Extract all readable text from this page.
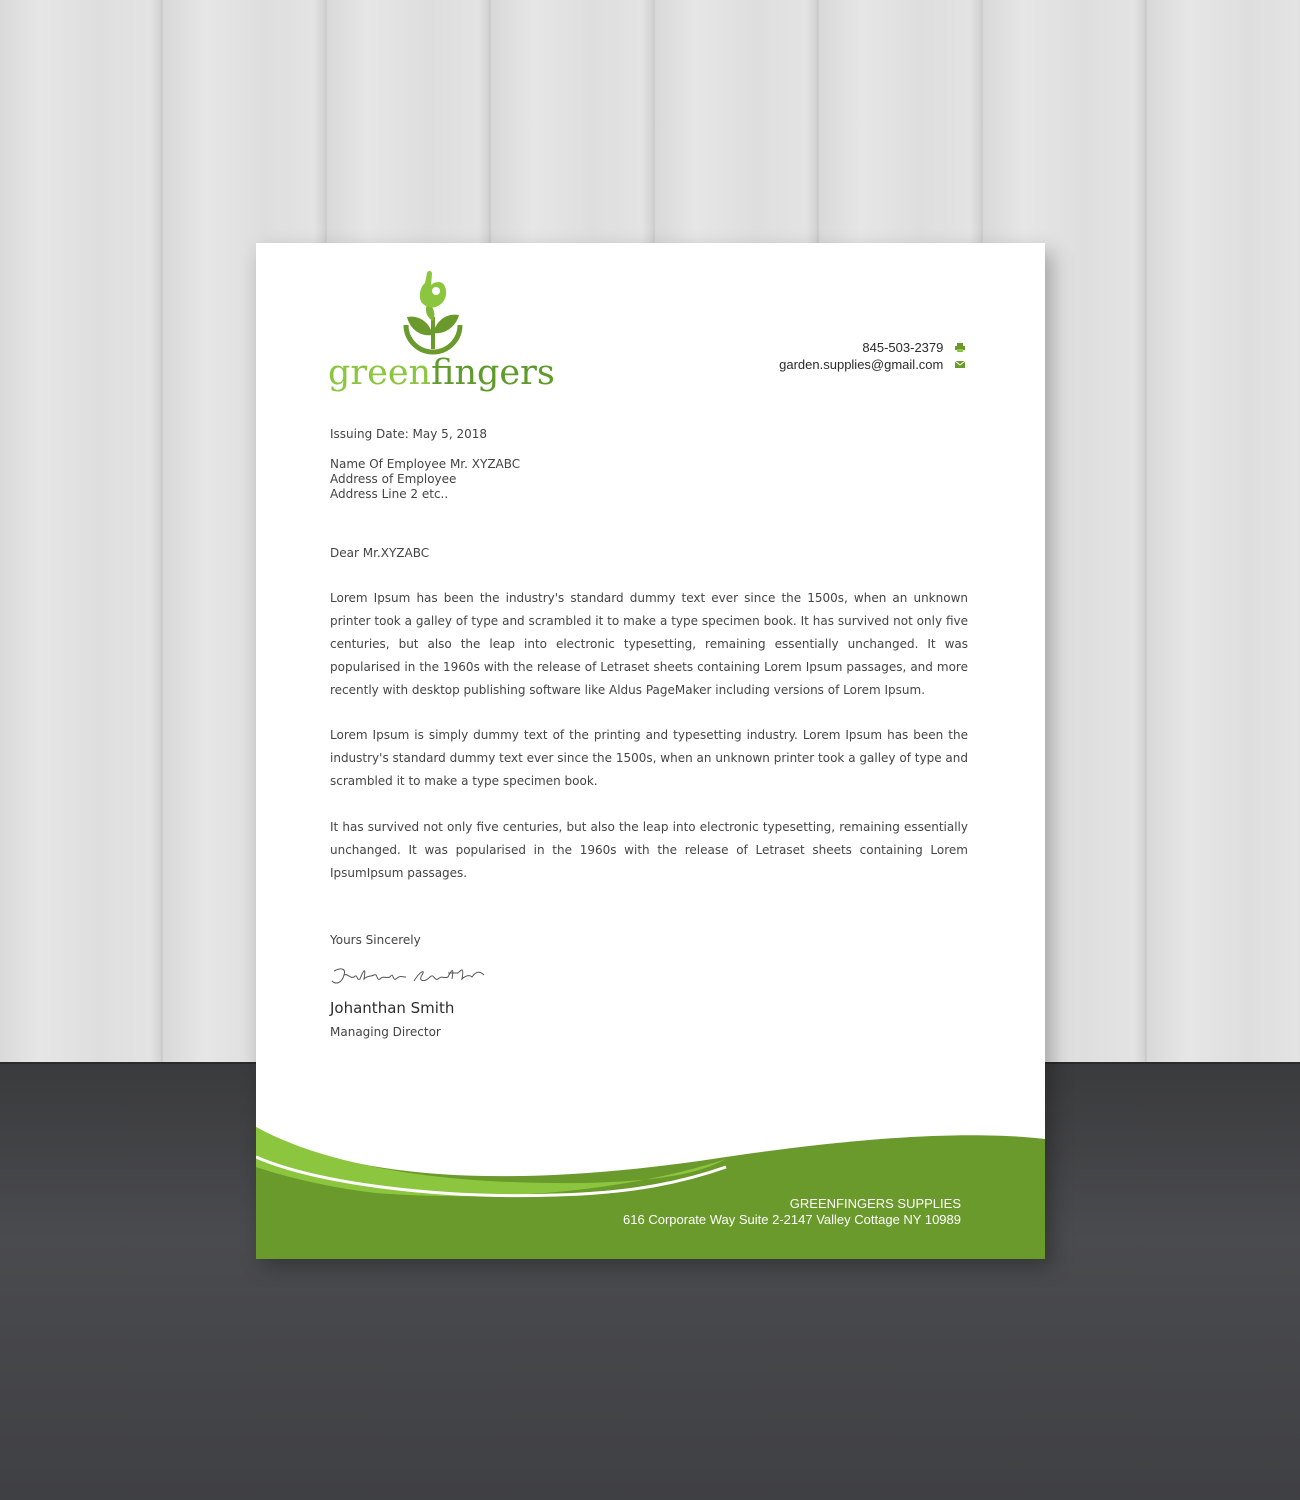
greenfingers
845-503-2379
garden.supplies@gmail.com
Issuing Date: May 5, 2018
Name Of Employee Mr. XYZABC
Address of Employee
Address Line 2 etc..
Dear Mr.XYZABC
Lorem Ipsum has been the industry's standard dummy text ever since the 1500s, when an unknown printer took a galley of type and scrambled it to make a type specimen book. It has survived not only five centuries, but also the leap into electronic typesetting, remaining essentially unchanged. It was popularised in the 1960s with the release of Letraset sheets containing Lorem Ipsum passages, and more recently with desktop publishing software like Aldus PageMaker including versions of Lorem Ipsum.
Lorem Ipsum is simply dummy text of the printing and typesetting industry. Lorem Ipsum has been the industry's standard dummy text ever since the 1500s, when an unknown printer took a galley of type and scrambled it to make a type specimen book.
It has survived not only five centuries, but also the leap into electronic typesetting, remaining essentially unchanged. It was popularised in the 1960s with the release of Letraset sheets containing Lorem IpsumIpsum passages.
Yours Sincerely
Johanthan Smith
Managing Director
GREENFINGERS SUPPLIES
616 Corporate Way Suite 2-2147 Valley Cottage NY 10989
